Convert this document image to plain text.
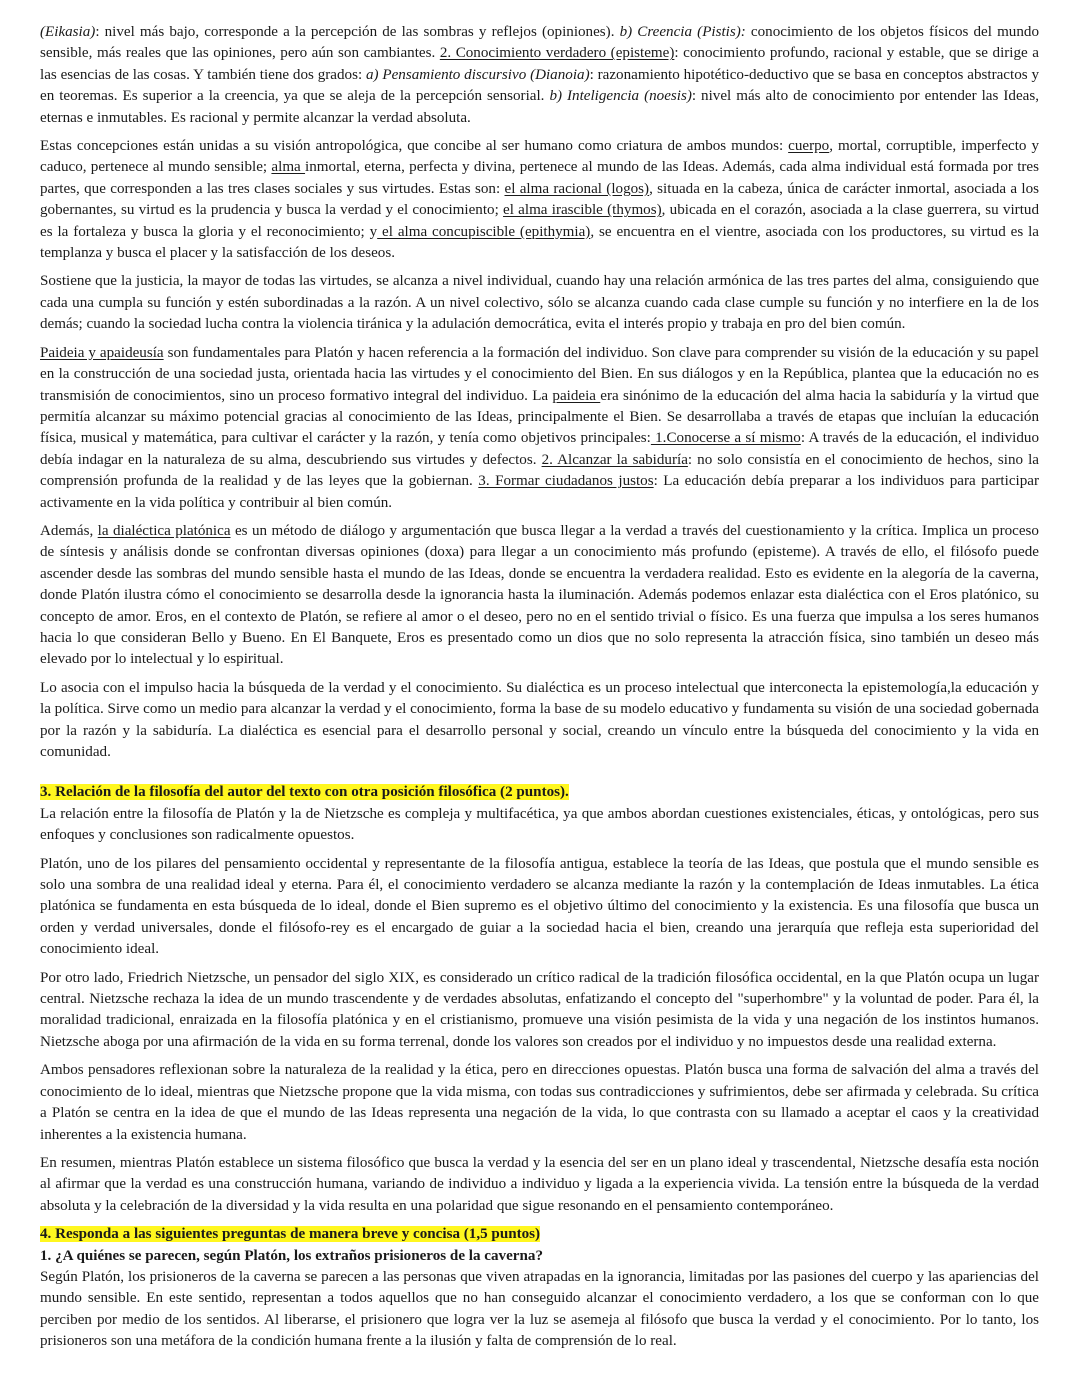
(Eikasia): nivel más bajo, corresponde a la percepción de las sombras y reflejos (opiniones). b) Creencia (Pistis): conocimiento de los objetos físicos del mundo sensible, más reales que las opiniones, pero aún son cambiantes. 2. Conocimiento verdadero (episteme): conocimiento profundo, racional y estable, que se dirige a las esencias de las cosas. Y también tiene dos grados: a) Pensamiento discursivo (Dianoia): razonamiento hipotético-deductivo que se basa en conceptos abstractos y en teoremas. Es superior a la creencia, ya que se aleja de la percepción sensorial. b) Inteligencia (noesis): nivel más alto de conocimiento por entender las Ideas, eternas e inmutables. Es racional y permite alcanzar la verdad absoluta.

Estas concepciones están unidas a su visión antropológica, que concibe al ser humano como criatura de ambos mundos: cuerpo, mortal, corruptible, imperfecto y caduco, pertenece al mundo sensible; alma inmortal, eterna, perfecta y divina, pertenece al mundo de las Ideas. Además, cada alma individual está formada por tres partes, que corresponden a las tres clases sociales y sus virtudes. Estas son: el alma racional (logos), situada en la cabeza, única de carácter inmortal, asociada a los gobernantes, su virtud es la prudencia y busca la verdad y el conocimiento; el alma irascible (thymos), ubicada en el corazón, asociada a la clase guerrera, su virtud es la fortaleza y busca la gloria y el reconocimiento; y el alma concupiscible (epithymia), se encuentra en el vientre, asociada con los productores, su virtud es la templanza y busca el placer y la satisfacción de los deseos.

Sostiene que la justicia, la mayor de todas las virtudes, se alcanza a nivel individual, cuando hay una relación armónica de las tres partes del alma, consiguiendo que cada una cumpla su función y estén subordinadas a la razón. A un nivel colectivo, sólo se alcanza cuando cada clase cumple su función y no interfiere en la de los demás; cuando la sociedad lucha contra la violencia tiránica y la adulación democrática, evita el interés propio y trabaja en pro del bien común.

Paideia y apaideusía son fundamentales para Platón y hacen referencia a la formación del individuo. Son clave para comprender su visión de la educación y su papel en la construcción de una sociedad justa, orientada hacia las virtudes y el conocimiento del Bien. En sus diálogos y en la República, plantea que la educación no es transmisión de conocimientos, sino un proceso formativo integral del individuo. La paideia era sinónimo de la educación del alma hacia la sabiduría y la virtud que permitía alcanzar su máximo potencial gracias al conocimiento de las Ideas, principalmente el Bien. Se desarrollaba a través de etapas que incluían la educación física, musical y matemática, para cultivar el carácter y la razón, y tenía como objetivos principales: 1.Conocerse a sí mismo: A través de la educación, el individuo debía indagar en la naturaleza de su alma, descubriendo sus virtudes y defectos. 2. Alcanzar la sabiduría: no solo consistía en el conocimiento de hechos, sino la comprensión profunda de la realidad y de las leyes que la gobiernan. 3. Formar ciudadanos justos: La educación debía preparar a los individuos para participar activamente en la vida política y contribuir al bien común.

Además, la dialéctica platónica es un método de diálogo y argumentación que busca llegar a la verdad a través del cuestionamiento y la crítica. Implica un proceso de síntesis y análisis donde se confrontan diversas opiniones (doxa) para llegar a un conocimiento más profundo (episteme). A través de ello, el filósofo puede ascender desde las sombras del mundo sensible hasta el mundo de las Ideas, donde se encuentra la verdadera realidad. Esto es evidente en la alegoría de la caverna, donde Platón ilustra cómo el conocimiento se desarrolla desde la ignorancia hasta la iluminación. Además podemos enlazar esta dialéctica con el Eros platónico, su concepto de amor. Eros, en el contexto de Platón, se refiere al amor o el deseo, pero no en el sentido trivial o físico. Es una fuerza que impulsa a los seres humanos hacia lo que consideran Bello y Bueno. En El Banquete, Eros es presentado como un dios que no solo representa la atracción física, sino también un deseo más elevado por lo intelectual y lo espiritual.

Lo asocia con el impulso hacia la búsqueda de la verdad y el conocimiento. Su dialéctica es un proceso intelectual que interconecta la epistemología,la educación y la política. Sirve como un medio para alcanzar la verdad y el conocimiento, forma la base de su modelo educativo y fundamenta su visión de una sociedad gobernada por la razón y la sabiduría. La dialéctica es esencial para el desarrollo personal y social, creando un vínculo entre la búsqueda del conocimiento y la vida en comunidad.

3. Relación de la filosofía del autor del texto con otra posición filosófica (2 puntos).

La relación entre la filosofía de Platón y la de Nietzsche es compleja y multifacética, ya que ambos abordan cuestiones existenciales, éticas, y ontológicas, pero sus enfoques y conclusiones son radicalmente opuestos.

Platón, uno de los pilares del pensamiento occidental y representante de la filosofía antigua, establece la teoría de las Ideas, que postula que el mundo sensible es solo una sombra de una realidad ideal y eterna. Para él, el conocimiento verdadero se alcanza mediante la razón y la contemplación de Ideas inmutables. La ética platónica se fundamenta en esta búsqueda de lo ideal, donde el Bien supremo es el objetivo último del conocimiento y la existencia. Es una filosofía que busca un orden y verdad universales, donde el filósofo-rey es el encargado de guiar a la sociedad hacia el bien, creando una jerarquía que refleja esta superioridad del conocimiento ideal.

Por otro lado, Friedrich Nietzsche, un pensador del siglo XIX, es considerado un crítico radical de la tradición filosófica occidental, en la que Platón ocupa un lugar central. Nietzsche rechaza la idea de un mundo trascendente y de verdades absolutas, enfatizando el concepto del "superhombre" y la voluntad de poder. Para él, la moralidad tradicional, enraizada en la filosofía platónica y en el cristianismo, promueve una visión pesimista de la vida y una negación de los instintos humanos. Nietzsche aboga por una afirmación de la vida en su forma terrenal, donde los valores son creados por el individuo y no impuestos desde una realidad externa.

Ambos pensadores reflexionan sobre la naturaleza de la realidad y la ética, pero en direcciones opuestas. Platón busca una forma de salvación del alma a través del conocimiento de lo ideal, mientras que Nietzsche propone que la vida misma, con todas sus contradicciones y sufrimientos, debe ser afirmada y celebrada. Su crítica a Platón se centra en la idea de que el mundo de las Ideas representa una negación de la vida, lo que contrasta con su llamado a aceptar el caos y la creatividad inherentes a la existencia humana.

En resumen, mientras Platón establece un sistema filosófico que busca la verdad y la esencia del ser en un plano ideal y trascendental, Nietzsche desafía esta noción al afirmar que la verdad es una construcción humana, variando de individuo a individuo y ligada a la experiencia vivida. La tensión entre la búsqueda de la verdad absoluta y la celebración de la diversidad y la vida resulta en una polaridad que sigue resonando en el pensamiento contemporáneo.

4. Responda a las siguientes preguntas de manera breve y concisa (1,5 puntos)
1. ¿A quiénes se parecen, según Platón, los extraños prisioneros de la caverna?

Según Platón, los prisioneros de la caverna se parecen a las personas que viven atrapadas en la ignorancia, limitadas por las pasiones del cuerpo y las apariencias del mundo sensible. En este sentido, representan a todos aquellos que no han conseguido alcanzar el conocimiento verdadero, a los que se conforman con lo que perciben por medio de los sentidos. Al liberarse, el prisionero que logra ver la luz se asemeja al filósofo que busca la verdad y el conocimiento. Por lo tanto, los prisioneros son una metáfora de la condición humana frente a la ilusión y falta de comprensión de lo real.
